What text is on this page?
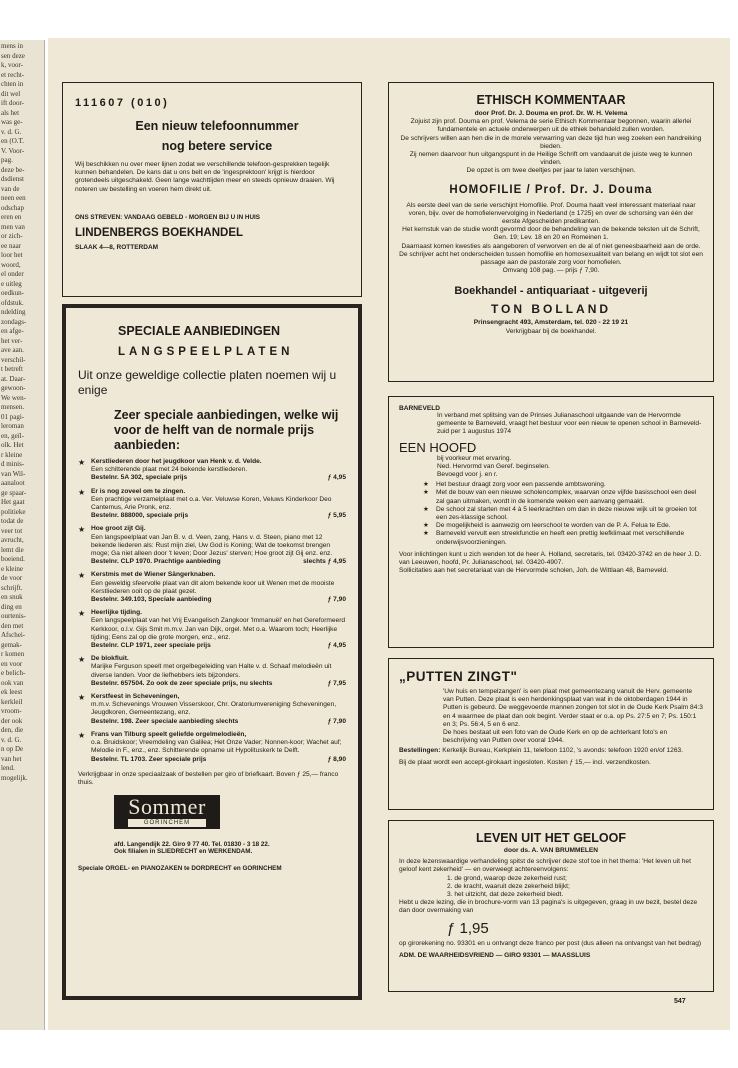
mens in
sen deze
k, voor-
et recht-
chten in
dit wel
ift door-
als het
was ge-
v. d. G.
en (O.T.
V. Voor-
pag.
deze be-
dsdienst
van de
neen een
odschap
eren en
men van
or zich-
ee naar
loor het
woord,
el onder
e uitleg
oedkun-
ofdstuk.
ndelding
zondags-
en afge-
het ver-
ave aan.
verschil-
t betreft
at. Daar-
gewoon-
We wen-
mensen.
01 pagi-
leroman
en, geïl-
olk. Het
r kleine
d minis-
van Wil-
aanaloot
ge spaar-
Het gaat
politieke
todat de
veer tot
avrucht,
lemt die
boeiend.
e kleine
de voor
schrijft.
en snuk
ding en
ourtenis-
den met
Afschei-
gemak-
r komen
en voor
e belich-
ook van
ek leest
kerkleil
vroom-
der ook
den, die
v. d. G.
n op De
van het
lend.
mogelijk.
111607 (010)
Een nieuw telefoonnummer
nog betere service

Wij beschikken nu over meer lijnen zodat we verschillende telefoon-gesprekken tegelijk kunnen behandelen. De kans dat u ons belt en de 'ingesprektoon' krijgt is hierdoor grotendeels uitgeschakeld. Geen lange wachttijden meer en steeds opnieuw draaien. Wij noteren uw bestelling en voeren hem direkt uit.

ONS STREVEN: VANDAAG GEBELD - MORGEN BIJ U IN HUIS
LINDENBERGS BOEKHANDEL
SLAAK 4—8, ROTTERDAM
SPECIALE AANBIEDINGEN
LANGSPEELPLATEN
Uit onze geweldige collectie platen noemen wij u enige
Zeer speciale aanbiedingen, welke wij voor de helft van de normale prijs aanbieden:
★ Kerstliederen door het jeugdkoor van Henk v. d. Velde.
Een schitterende plaat met 24 bekende kerstliederen.
Bestelnr. 5A 302, speciale prijs	ƒ 4,95
★ Er is nog zoveel om te zingen.
Een prachtige verzamelplaat met o.a. Ver. Veluwse Koren, Veluws Kinderkoor Deo Cantemus, Arie Pronk, enz.
Bestelnr. 888000, speciale prijs	ƒ 5,95
★ Hoe groot zijt Gij.
Een langspeelplaat van Jan B. v. d. Veen, zang, Hans v. d. Steen, piano met 12 bekende liederen als: Rust mijn ziel, Uw God is Koning; Wat de toekomst brengen moge; Ga niet alleen door 't leven; Door Jezus' sterven; Hoe groot zijt Gij enz. enz.
Bestelnr. CLP 1970. Prachtige aanbieding	slechts ƒ 4,95
★ Kerstmis met de Wiener Sängerknaben.
Een geweldig sfeervolle plaat van dit alom bekende koor uit Wenen met de mooiste Kerstliederen ooit op de plaat gezet.
Bestelnr. 349.103, Speciale aanbieding	ƒ 7,90
★ Heerlijke tijding.
Een langspeelplaat van het Vrij Evangelisch Zangkoor 'Immanuël' en het Gereformeerd Kerkkoor, o.l.v. Gijs Smit m.m.v. Jan van Dijk, orgel. Met o.a. Waarom toch; Heerlijke tijding; Eens zal op die grote morgen, enz., enz.
Bestelnr. CLP 1971, zeer speciale prijs	ƒ 4,95
★ De blokfluit.
Marijke Ferguson speelt met orgelbegeleiding van Halte v. d. Schaaf melodieën uit diverse landen. Voor de liefhebbers iets bijzonders.
Bestelnr. 657504. Zo ook de zeer speciale prijs, nu slechts	ƒ 7,95
★ Kerstfeest in Scheveningen,
m.m.v. Schevenings Vrouwen Visserskoor, Chr. Oratoriumvereniging Scheveningen, Jeugdkoren, Gemeentezang, enz.
Bestelnr. 198. Zeer speciale aanbieding slechts	ƒ 7,90
★ Frans van Tilburg speelt geliefde orgelmelodieën,
o.a. Bruidskoor; Vreemdeling van Galilea; Het Onze Vader; Nonnen-koor; Wachet auf; Melodie in F., enz., enz. Schitterende opname uit Hypolituskerk te Delft.
Bestelnr. TL 1703. Zeer speciale prijs	ƒ 8,90

Verkrijgbaar in onze speciaalzaak of bestellen per giro of briefkaart. Boven ƒ 25,— franco thuis.

Sommer
GORINCHEM
afd. Langendijk 22. Giro 9 77 40. Tel. 01830 - 3 18 22.
Ook filialen in SLIEDRECHT en WERKENDAM.
Speciale ORGEL- en PIANOZAKEN te DORDRECHT en GORINCHEM
ETHISCH KOMMENTAAR
door Prof. Dr. J. Douma en prof. Dr. W. H. Velema

Zojuist zijn prof. Douma en prof. Velema de serie Ethisch Kommentaar begonnen, waarin allerlei fundamentele en actuele onderwerpen uit de ethiek behandeld zullen worden.

De schrijvers willen aan hen die in de morele verwarring van deze tijd hun weg zoeken een handreiking bieden.

Zij nemen daarvoor hun uitgangspunt in de Heilige Schrift om vandaaruit de juiste weg te kunnen vinden.

De opzet is om twee deeltjes per jaar te laten verschijnen.

HOMOFILIE / Prof. Dr. J. Douma

Als eerste deel van de serie verschijnt Homofilie. Prof. Douma haalt veel interessant materiaal naar voren, bijv. over de homofielenvervolging in Nederland (± 1725) en over de schorsing van één der eerste Afgescheiden predikanten.

Het kernstuk van de studie wordt gevormd door de behandeling van de bekende teksten uit de Schrift, Gen. 19; Lev. 18 en 20 en Romeinen 1.

Daarnaast komen kwesties als aangeboren of verworven en de al of niet geneesbaarheid aan de orde.

De schrijver acht het onderscheiden tussen homofilie en homosexualiteit van belang en wijdt tot slot een passage aan de pastorale zorg voor homofielen.

Omvang 108 pag. — prijs ƒ 7,90.

Boekhandel - antiquariaat - uitgeverij
TON BOLLAND
Prinsengracht 493, Amsterdam, tel. 020 - 22 19 21
Verkrijgbaar bij de boekhandel.
BARNEVELD

In verband met splitsing van de Prinses Julianaschool uitgaande van de Hervormde gemeente te Barneveld, vraagt het bestuur voor een nieuw te openen school in Barneveld-zuid per 1 augustus 1974

EEN HOOFD
bij voorkeur met ervaring.
Ned. Hervormd van Geref. beginselen.
Bevoegd voor j. en r.
★	Het bestuur draagt zorg voor een passende ambtswoning.
★	Met de bouw van een nieuwe scholencomplex, waarvan onze vijfde basisschool een deel zal gaan uitmaken, wordt in de komende weken een aanvang gemaakt.
★	De school zal starten met 4 à 5 leerkrachten om dan in deze nieuwe wijk uit te groeien tot een zes-klassige school.
★	De mogelijkheid is aanwezig om leerschool te worden van de P. A. Felua te Ede.
★	Barneveld vervult een streekfunctie en heeft een prettig leefklimaat met verschillende onderwijsvoorzieningen.

Voor inlichtingen kunt u zich wenden tot de heer A. Holland, secretaris, tel. 03420-3742 en de heer J. D. van Leeuwen, hoofd, Pr. Julianaschool, tel. 03420-4907.

Sollicitaties aan het secretariaat van de Hervormde scholen, Joh. de Wittlaan 48, Barneveld.

„PUTTEN ZINGT"

'Uw huis en tempelzangen' is een plaat met gemeentezang vanuit de Herv. gemeente van Putten. Deze plaat is een herdenkingsplaat van wat in de oktoberdagen 1944 in Putten is gebeurd. De weggevoerde mannen zongen tot slot in de Oude Kerk Psalm 84:3 en 4 waarmee de plaat dan ook begint. Verder staat er o.a. op Ps. 27:5 en 7; Ps. 150:1 en 3; Ps. 56:4, 5 en 6 enz.

De hoes bestaat uit een foto van de Oude Kerk en op de achterkant foto's en beschrijving van Putten over vooral 1944.

Bestellingen: Kerkelijk Bureau, Kerkplein 11, telefoon 1102, 's avonds: telefoon 1920 en/of 1263.

Bij de plaat wordt een accept-girokaart ingesloten. Kosten ƒ 15,— incl. verzendkosten.

LEVEN UIT HET GELOOF
door ds. A. VAN BRUMMELEN

In deze lezenswaardige verhandeling spitst de schrijver deze stof toe in het thema: 'Het leven uit het geloof kent zekerheid' — en overweegt achtereenvolgens:

1. de grond, waarop deze zekerheid rust;
2. de kracht, waaruit deze zekerheid blijkt;
3. het uitzicht, dat deze zekerheid biedt.

Hebt u deze lezing, die in brochure-vorm van 13 pagina's is uitgegeven, graag in uw bezit, bestel deze dan door overmaking van

ƒ 1,95

op girorekening no. 93301 en u ontvangt deze franco per post (dus alleen na ontvangst van het bedrag)

ADM. DE WAARHEIDSVRIEND — GIRO 93301 — MAASSLUIS
547
